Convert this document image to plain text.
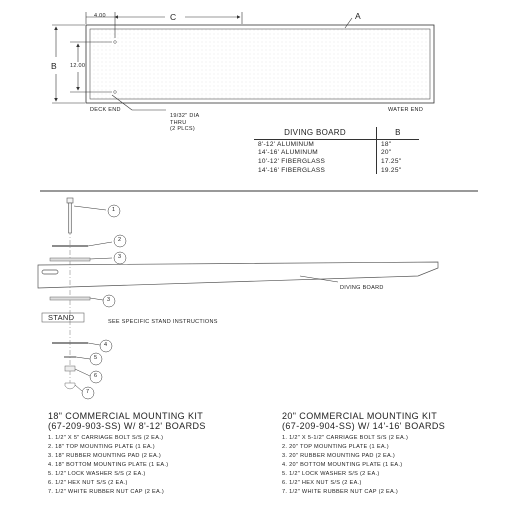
4.00	C	A
B 12.00
DECK END	WATER END
19/32" DIA
THRU
(2 PLCS)	DIVING BOARD	B
8'-12' ALUMINUM	18"
14'-16' ALUMINUM	20"
10'-12' FIBERGLASS	17.25"
14'-16' FIBERGLASS	19.25"
1
2
3
3
4
5
6
7
DIVING BOARD
STAND	SEE SPECIFIC STAND INSTRUCTIONS
18" COMMERCIAL MOUNTING KIT
(67-209-903-SS) W/ 8'-12' BOARDS
1. 1/2" X 5" CARRIAGE BOLT S/S (2 EA.)
2. 18" TOP MOUNTING PLATE (1 EA.)
3. 18" RUBBER MOUNTING PAD (2 EA.)
4. 18" BOTTOM MOUNTING PLATE (1 EA.)
5. 1/2" LOCK WASHER S/S (2 EA.)
6. 1/2" HEX NUT S/S (2 EA.)
7. 1/2" WHITE RUBBER NUT CAP (2 EA.)
20" COMMERCIAL MOUNTING KIT
(67-209-904-SS) W/ 14'-16' BOARDS
1. 1/2" X 5-1/2" CARRIAGE BOLT S/S (2 EA.)
2. 20" TOP MOUNTING PLATE (1 EA.)
3. 20" RUBBER MOUNTING PAD (2 EA.)
4. 20" BOTTOM MOUNTING PLATE (1 EA.)
5. 1/2" LOCK WASHER S/S (2 EA.)
6. 1/2" HEX NUT S/S (2 EA.)
7. 1/2" WHITE RUBBER NUT CAP (2 EA.)
